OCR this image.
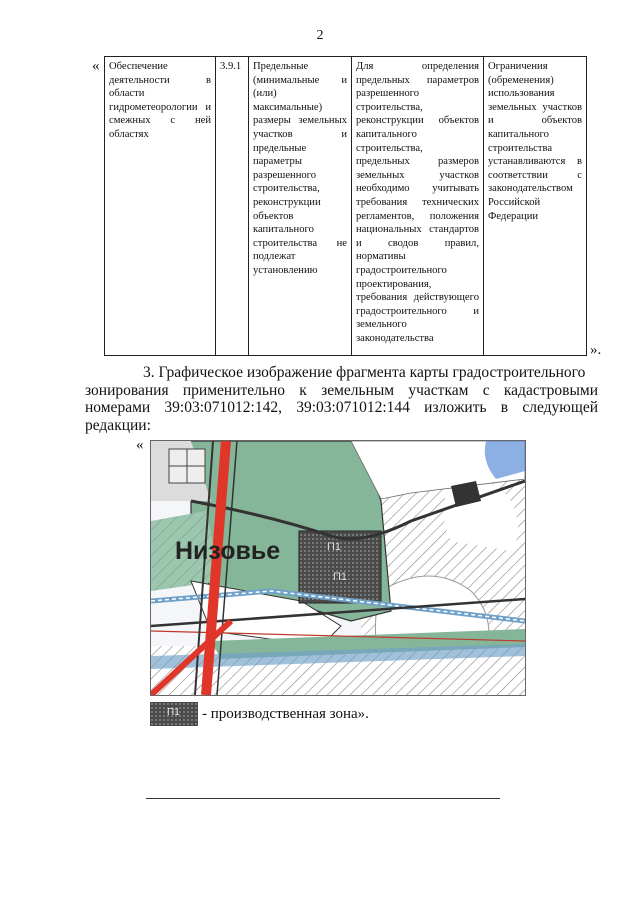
2
« Обеспечение деятельности в области гидрометеорологии и смежных с ней областях	3.9.1	Предельные (минимальные и (или) максимальные) размеры земельных участков и предельные параметры разрешенного строительства, реконструкции объектов капитального строительства не подлежат установлению	Для определения предельных параметров разрешенного строительства, реконструкции объектов капитального строительства, предельных размеров земельных участков необходимо учитывать требования технических регламентов, положения национальных стандартов и сводов правил, нормативы градостроительного проектирования, требования действующего градостроительного и земельного законодательства	Ограничения (обременения) использования земельных участков и объектов капитального строительства устанавливаются в соответствии с законодательством Российской Федерации
».
3. Графическое изображение фрагмента карты градостроительного
зонирования применительно к земельным участкам с кадастровыми номерами 39:03:071012:142, 39:03:071012:144 изложить в следующей редакции:
«
Низовье	П1
П1
П1 - производственная зона».
